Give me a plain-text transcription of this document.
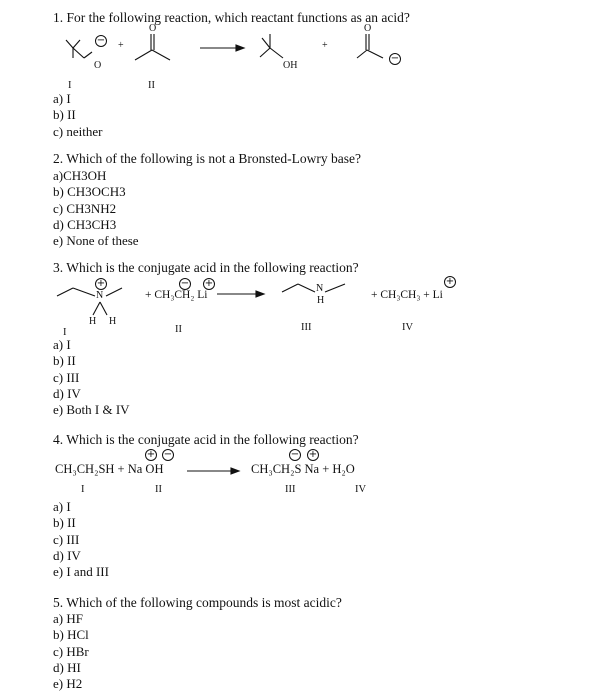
1. For the following reaction, which reactant functions as an acid?
−
O
+
O
OH
+
O
−
I	II
a) I
b) II
c) neither
2. Which of the following is not a Bronsted-Lowry base?
a)CH3OH
b) CH3OCH3
c) CH3NH2
d) CH3CH3
e) None of these
3. Which is the conjugate acid in the following reaction?
+
N
H H
− +
+ CH₃CH₂ Li
N
H
+
+ CH₃CH₃ + Li
I	II	III	IV
a) I
b) II
c) III
d) IV
e) Both I & IV
4. Which is the conjugate acid in the following reaction?
+ −
CH₃CH₂SH + Na OH
− +
CH₃CH₂S Na + H₂O
I	II	III	IV
a) I
b) II
c) III
d) IV
e) I and III
5. Which of the following compounds is most acidic?
a) HF
b) HCl
c) HBr
d) HI
e) H2
